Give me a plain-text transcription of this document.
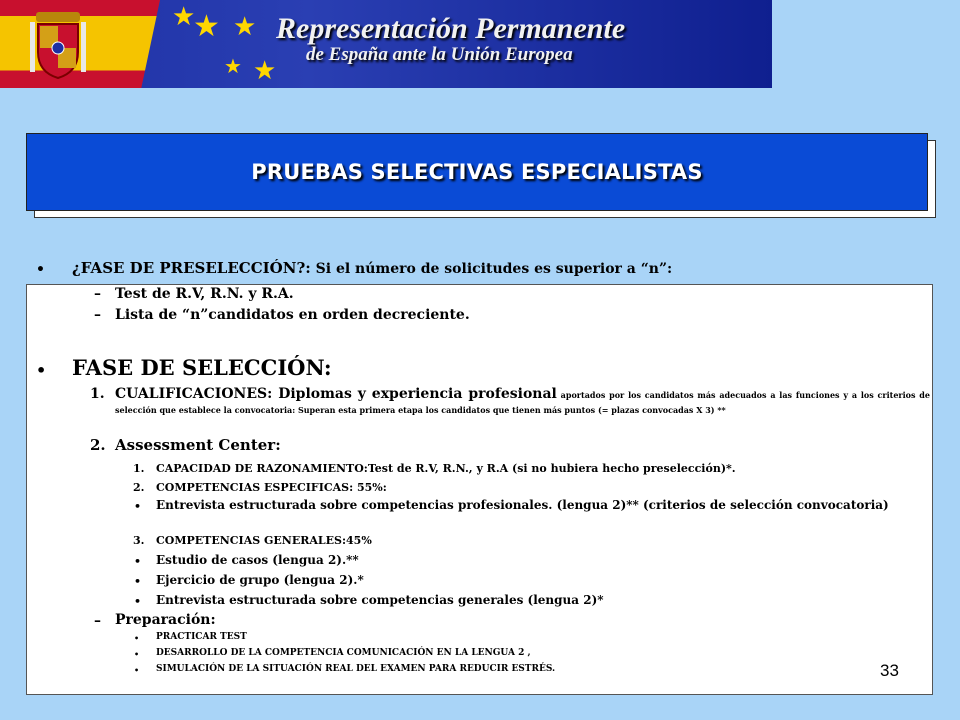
★
★ ★
★
★
Representación Permanente
de España ante la Unión Europea
PRUEBAS SELECTIVAS ESPECIALISTAS
• ¿FASE DE PRESELECCIÓN?: Si el número de solicitudes es superior a “n”:
– Test de R.V, R.N. y R.A.
– Lista de “n”candidatos en orden decreciente.
• FASE DE SELECCIÓN:
1. CUALIFICACIONES: Diplomas y experiencia profesional aportados por los candidatos más adecuados a las funciones y a los criterios de selección que establece la convocatoria: Superan esta primera etapa los candidatos que tienen más puntos (= plazas convocadas X 3) **
2. Assessment Center:
1. CAPACIDAD DE RAZONAMIENTO:Test de R.V, R.N., y R.A (si no hubiera hecho preselección)*.
2. COMPETENCIAS ESPECIFICAS: 55%:
• Entrevista estructurada sobre competencias profesionales. (lengua 2)** (criterios de selección convocatoria)
3. COMPETENCIAS GENERALES:45%
• Estudio de casos (lengua 2).**
• Ejercicio de grupo (lengua 2).*
• Entrevista estructurada sobre competencias generales (lengua 2)*
– Preparación:
• PRACTICAR TEST
• DESARROLLO DE LA COMPETENCIA COMUNICACIÓN EN LA LENGUA 2 ,
• SIMULACIÓN DE LA SITUACIÓN REAL DEL EXAMEN PARA REDUCIR ESTRÉS.	33
